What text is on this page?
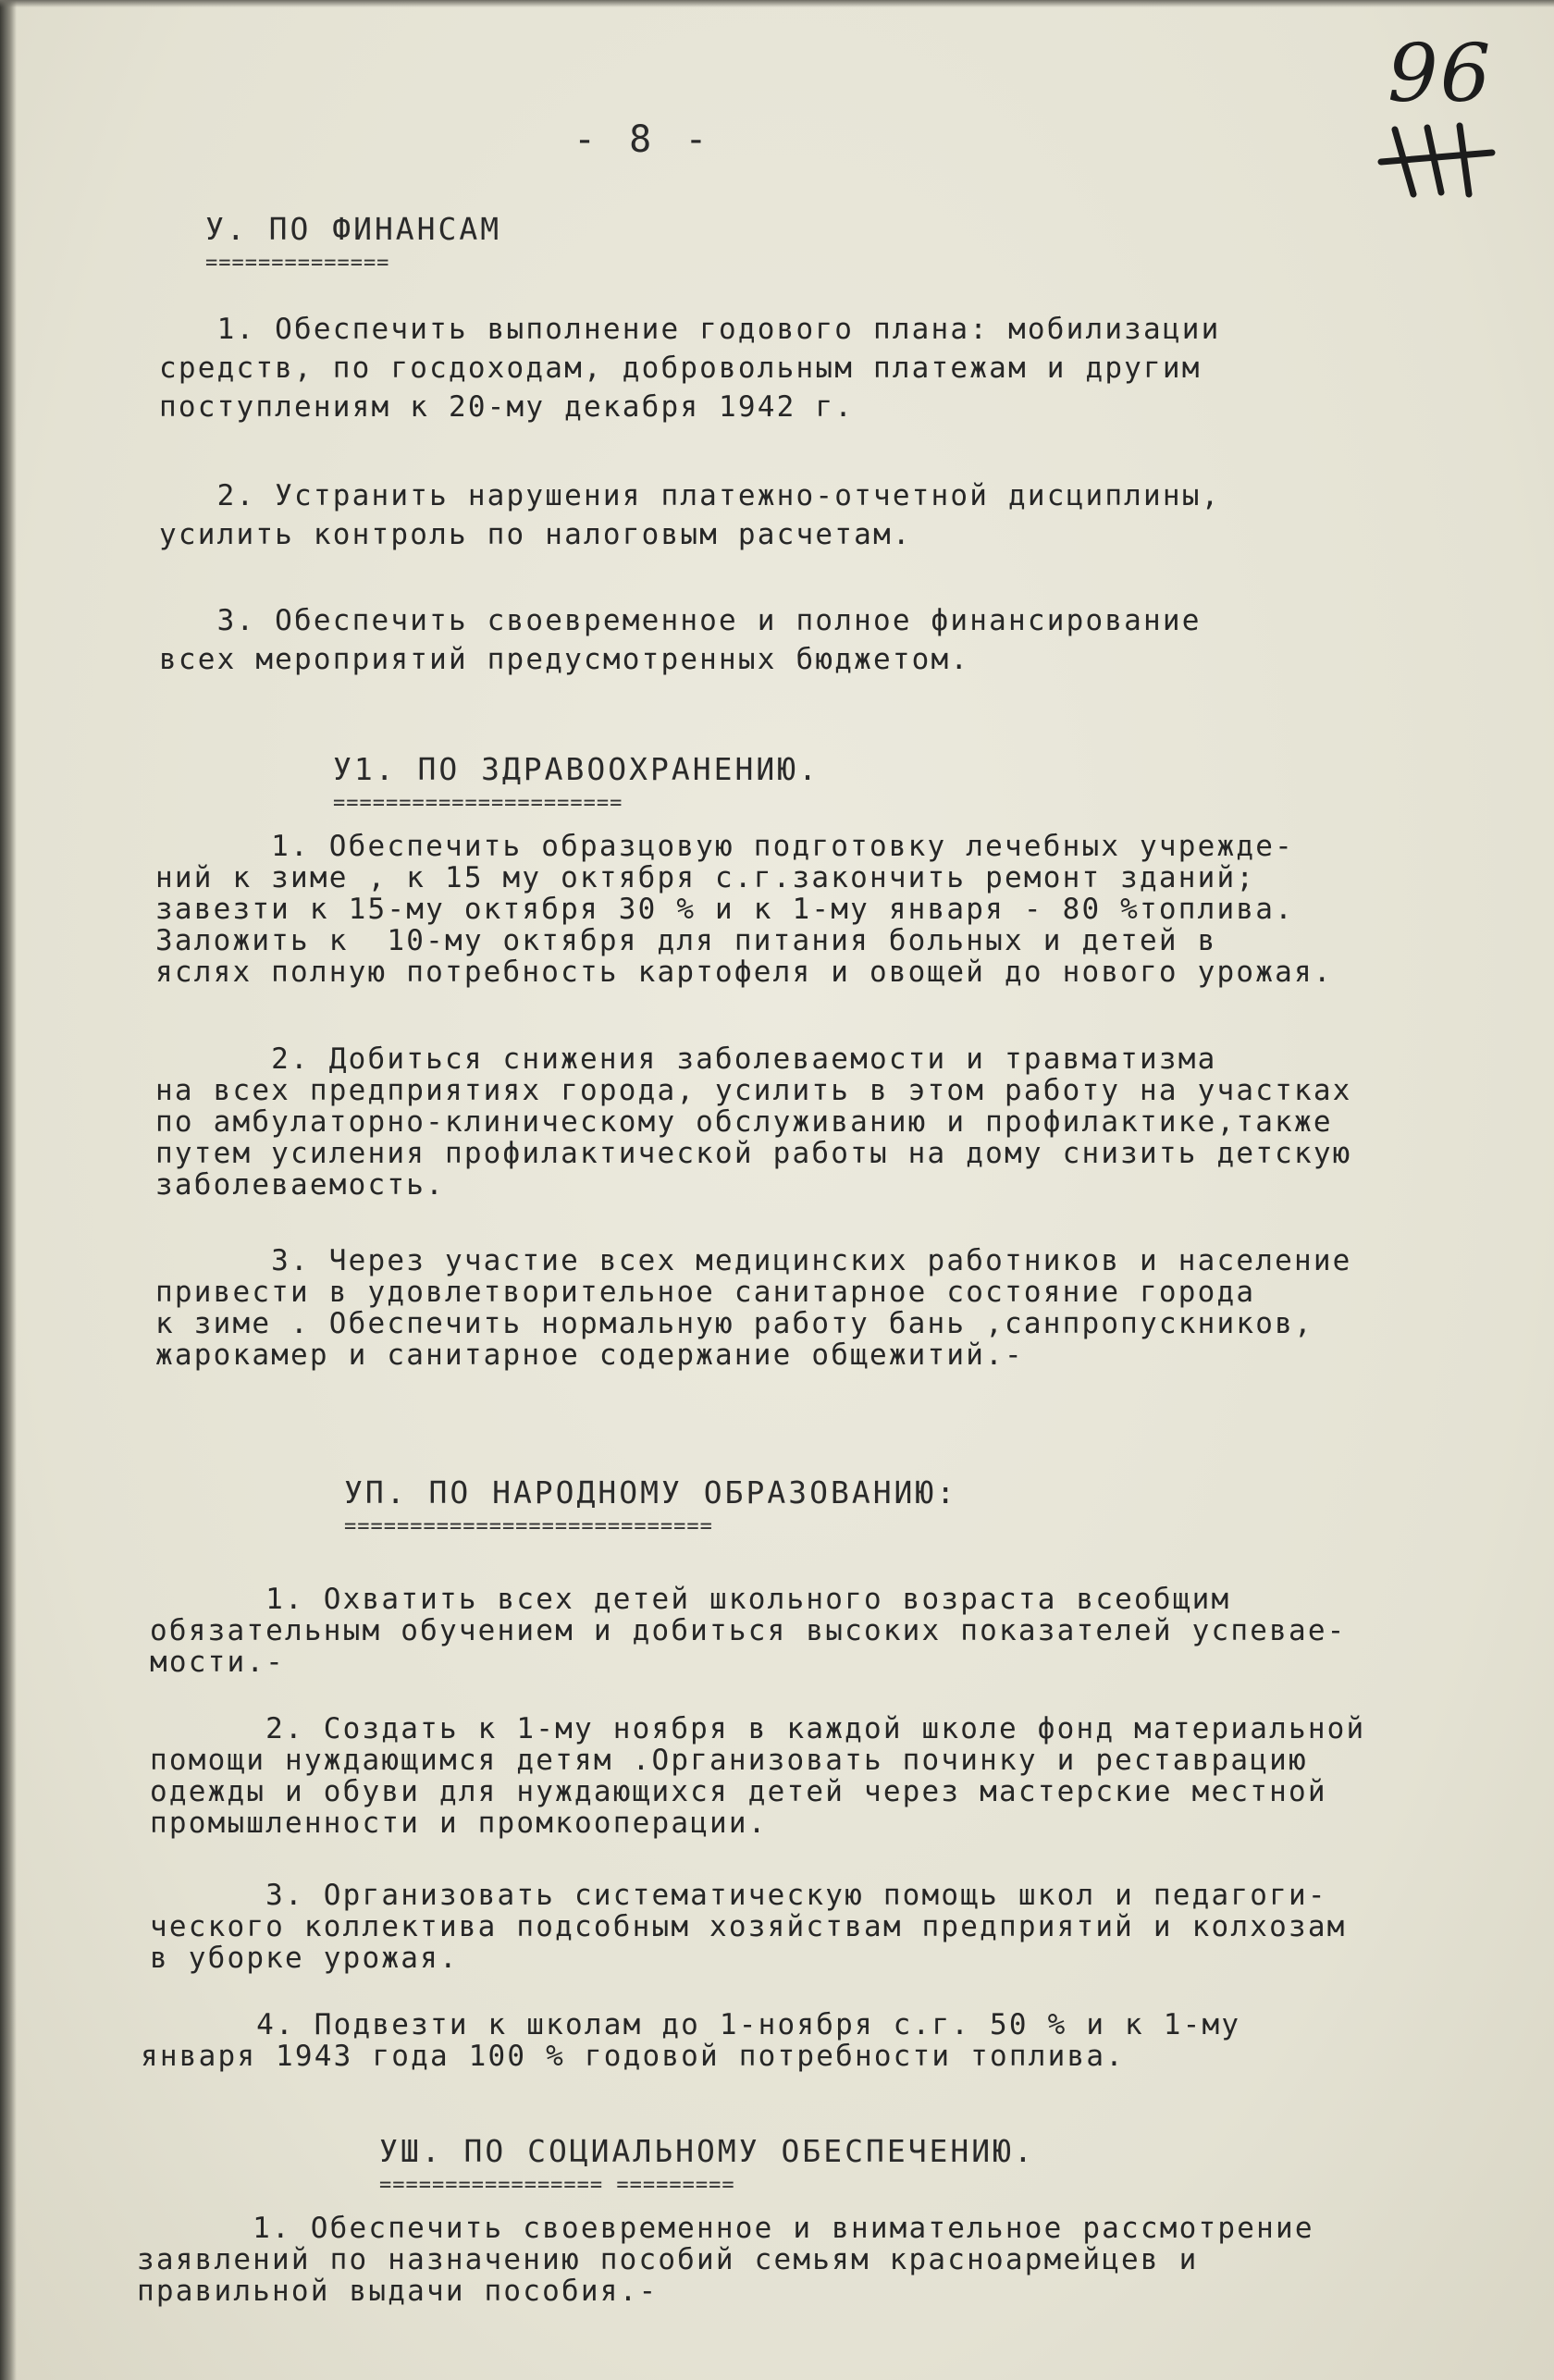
96
- 8 -
У. ПО ФИНАНСАМ
==============
1. Обеспечить выполнение годового плана: мобилизации
средств, по госдоходам, добровольным платежам и другим
поступлениям к 20-му декабря 1942 г.
2. Устранить нарушения платежно-отчетной дисциплины,
усилить контроль по налоговым расчетам.
3. Обеспечить своевременное и полное финансирование
всех мероприятий предусмотренных бюджетом.
У1. ПО ЗДРАВООХРАНЕНИЮ.
======================
1. Обеспечить образцовую подготовку лечебных учрежде-
ний к зиме , к 15 му октября с.г.закончить ремонт зданий;
завезти к 15-му октября 30 % и к 1-му января - 80 %топлива.
Заложить к  10-му октября для питания больных и детей в
яслях полную потребность картофеля и овощей до нового урожая.
2. Добиться снижения заболеваемости и травматизма
на всех предприятиях города, усилить в этом работу на участках
по амбулаторно-клиническому обслуживанию и профилактике,также
путем усиления профилактической работы на дому снизить детскую
заболеваемость.
3. Через участие всех медицинских работников и население
привести в удовлетворительное санитарное состояние города
к зиме . Обеспечить нормальную работу бань ,санпропускников,
жарокамер и санитарное содержание общежитий.-
УП. ПО НАРОДНОМУ ОБРАЗОВАНИЮ:
============================
1. Охватить всех детей школьного возраста всеобщим
обязательным обучением и добиться высоких показателей успевае-
мости.-
2. Создать к 1-му ноября в каждой школе фонд материальной
помощи нуждающимся детям .Организовать починку и реставрацию
одежды и обуви для нуждающихся детей через мастерские местной
промышленности и промкооперации.
3. Организовать систематическую помощь школ и педагоги-
ческого коллектива подсобным хозяйствам предприятий и колхозам
в уборке урожая.
4. Подвезти к школам до 1-ноября с.г. 50 % и к 1-му
января 1943 года 100 % годовой потребности топлива.
УШ. ПО СОЦИАЛЬНОМУ ОБЕСПЕЧЕНИЮ.
================= =========
1. Обеспечить своевременное и внимательное рассмотрение
заявлений по назначению пособий семьям красноармейцев и
правильной выдачи пособия.-
